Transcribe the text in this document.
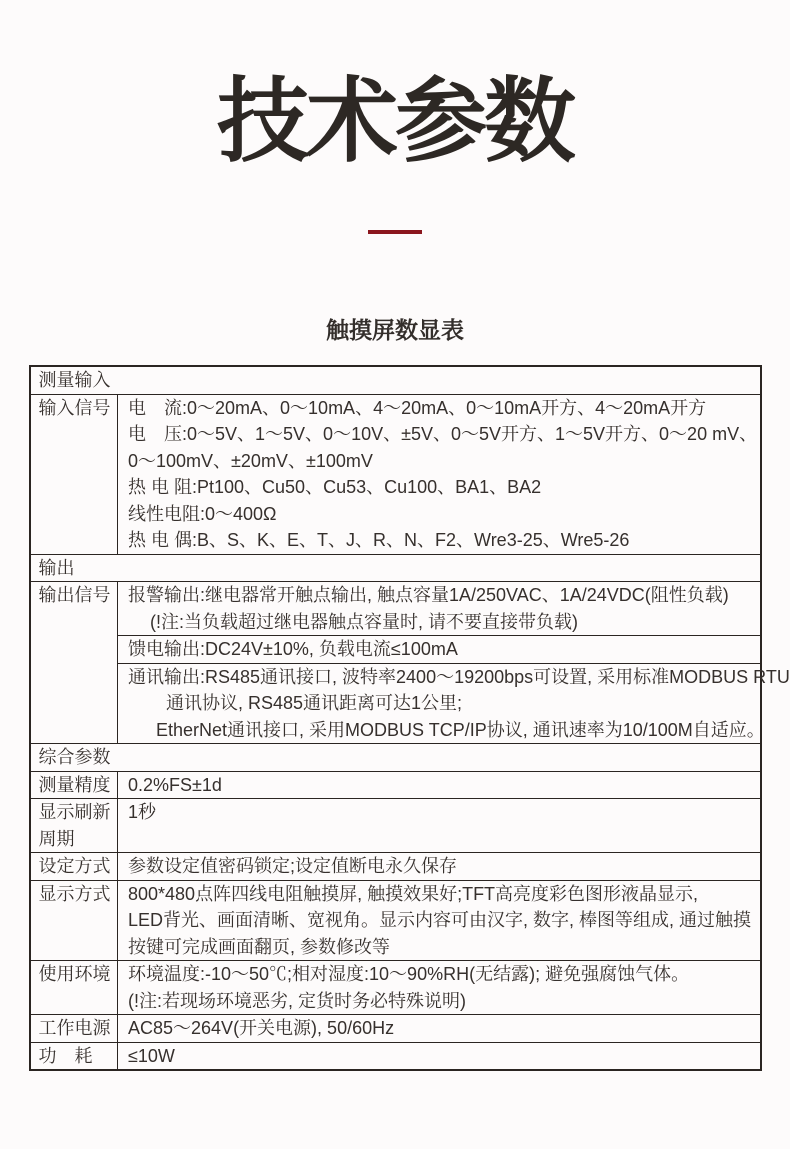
技术参数
触摸屏数显表
测量输入	
输入信号	电　流:0～20mA、0～10mA、4～20mA、0～10mA开方、4～20mA开方
电　压:0～5V、1～5V、0～10V、±5V、0～5V开方、1～5V开方、0～20 mV、
0～100mV、±20mV、±100mV
热 电 阻:Pt100、Cu50、Cu53、Cu100、BA1、BA2
线性电阻:0～400Ω
热 电 偶:B、S、K、E、T、J、R、N、F2、Wre3-25、Wre5-26

输出	
输出信号	报警输出:继电器常开触点输出, 触点容量1A/250VAC、1A/24VDC(阻性负载)
(!注:当负载超过继电器触点容量时, 请不要直接带负载)

	馈电输出:DC24V±10%, 负载电流≤100mA

	通讯输出:RS485通讯接口, 波特率2400～19200bps可设置, 采用标准MODBUS RTU
通讯协议, RS485通讯距离可达1公里;
EtherNet通讯接口, 采用MODBUS TCP/IP协议, 通讯速率为10/100M自适应。

综合参数	
测量精度	0.2%FS±1d

显示刷新周期	1秒

设定方式	参数设定值密码锁定;设定值断电永久保存

显示方式	800*480点阵四线电阻触摸屏, 触摸效果好;TFT高亮度彩色图形液晶显示,
LED背光、画面清晰、宽视角。显示内容可由汉字, 数字, 棒图等组成, 通过触摸
按键可完成画面翻页, 参数修改等

使用环境	环境温度:-10～50℃;相对湿度:10～90%RH(无结露); 避免强腐蚀气体。
(!注:若现场环境恶劣, 定货时务必特殊说明)

工作电源	AC85～264V(开关电源), 50/60Hz

功　耗	≤10W
